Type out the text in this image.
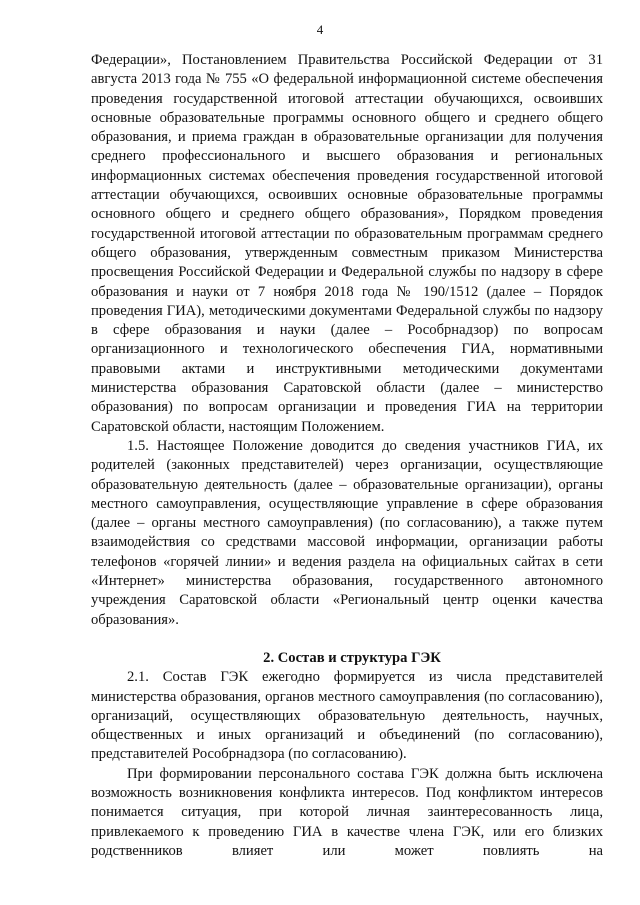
4

Федерации», Постановлением Правительства Российской Федерации от 31 августа 2013 года № 755 «О федеральной информационной системе обеспечения проведения государственной итоговой аттестации обучающихся, освоивших основные образовательные программы основного общего и среднего общего образования, и приема граждан в образовательные организации для получения среднего профессионального и высшего образования и региональных информационных системах обеспечения проведения государственной итоговой аттестации обучающихся, освоивших основные образовательные программы основного общего и среднего общего образования», Порядком проведения государственной итоговой аттестации по образовательным программам среднего общего образования, утвержденным совместным приказом Министерства просвещения Российской Федерации и Федеральной службы по надзору в сфере образования и науки от 7 ноября 2018 года № 190/1512 (далее – Порядок проведения ГИА), методическими документами Федеральной службы по надзору в сфере образования и науки (далее – Рособрнадзор) по вопросам организационного и технологического обеспечения ГИА, нормативными правовыми актами и инструктивными методическими документами министерства образования Саратовской области (далее – министерство образования) по вопросам организации и проведения ГИА на территории Саратовской области, настоящим Положением.

1.5. Настоящее Положение доводится до сведения участников ГИА, их родителей (законных представителей) через организации, осуществляющие образовательную деятельность (далее – образовательные организации), органы местного самоуправления, осуществляющие управление в сфере образования (далее – органы местного самоуправления) (по согласованию), а также путем взаимодействия со средствами массовой информации, организации работы телефонов «горячей линии» и ведения раздела на официальных сайтах в сети «Интернет» министерства образования, государственного автономного учреждения Саратовской области «Региональный центр оценки качества образования».

2. Состав и структура ГЭК

2.1. Состав ГЭК ежегодно формируется из числа представителей министерства образования, органов местного самоуправления (по согласованию), организаций, осуществляющих образовательную деятельность, научных, общественных и иных организаций и объединений (по согласованию), представителей Рособрнадзора (по согласованию).

При формировании персонального состава ГЭК должна быть исключена возможность возникновения конфликта интересов. Под конфликтом интересов понимается ситуация, при которой личная заинтересованность лица, привлекаемого к проведению ГИА в качестве члена ГЭК, или его близких родственников влияет или может повлиять на
